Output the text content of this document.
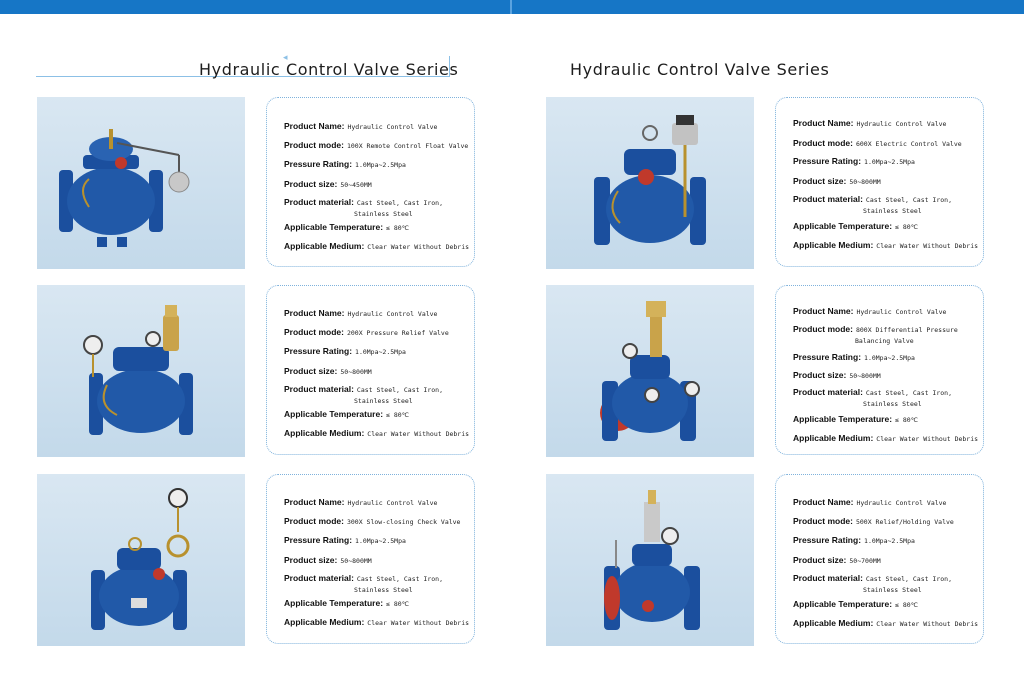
◂
Hydraulic Control Valve Series	Hydraulic Control Valve Series
Product Name: Hydraulic Control Valve
Product mode: 100X Remote Control Float Valve
Pressure Rating: 1.0Mpa~2.5Mpa
Product size: 50~450MM
Product material: Cast Steel, Cast Iron,
Stainless Steel
Applicable Temperature: ≤ 80℃
Applicable Medium: Clear Water Without Debris
Product Name: Hydraulic Control Valve
Product mode: 200X Pressure Relief Valve
Pressure Rating: 1.0Mpa~2.5Mpa
Product size: 50~800MM
Product material: Cast Steel, Cast Iron,
Stainless Steel
Applicable Temperature: ≤ 80℃
Applicable Medium: Clear Water Without Debris
Product Name: Hydraulic Control Valve
Product mode: 300X Slow-closing Check Valve
Pressure Rating: 1.0Mpa~2.5Mpa
Product size: 50~800MM
Product material: Cast Steel, Cast Iron,
Stainless Steel
Applicable Temperature: ≤ 80℃
Applicable Medium: Clear Water Without Debris
Product Name: Hydraulic Control Valve
Product mode: 600X Electric Control Valve
Pressure Rating: 1.0Mpa~2.5Mpa
Product size: 50~800MM
Product material: Cast Steel, Cast Iron,
Stainless Steel
Applicable Temperature: ≤ 80℃
Applicable Medium: Clear Water Without Debris
Product Name: Hydraulic Control Valve
Product mode: 800X Differential Pressure
Balancing Valve
Pressure Rating: 1.0Mpa~2.5Mpa
Product size: 50~800MM
Product material: Cast Steel, Cast Iron,
Stainless Steel
Applicable Temperature: ≤ 80℃
Applicable Medium: Clear Water Without Debris
Product Name: Hydraulic Control Valve
Product mode: 500X Relief/Holding Valve
Pressure Rating: 1.0Mpa~2.5Mpa
Product size: 50~700MM
Product material: Cast Steel, Cast Iron,
Stainless Steel
Applicable Temperature: ≤ 80℃
Applicable Medium: Clear Water Without Debris
